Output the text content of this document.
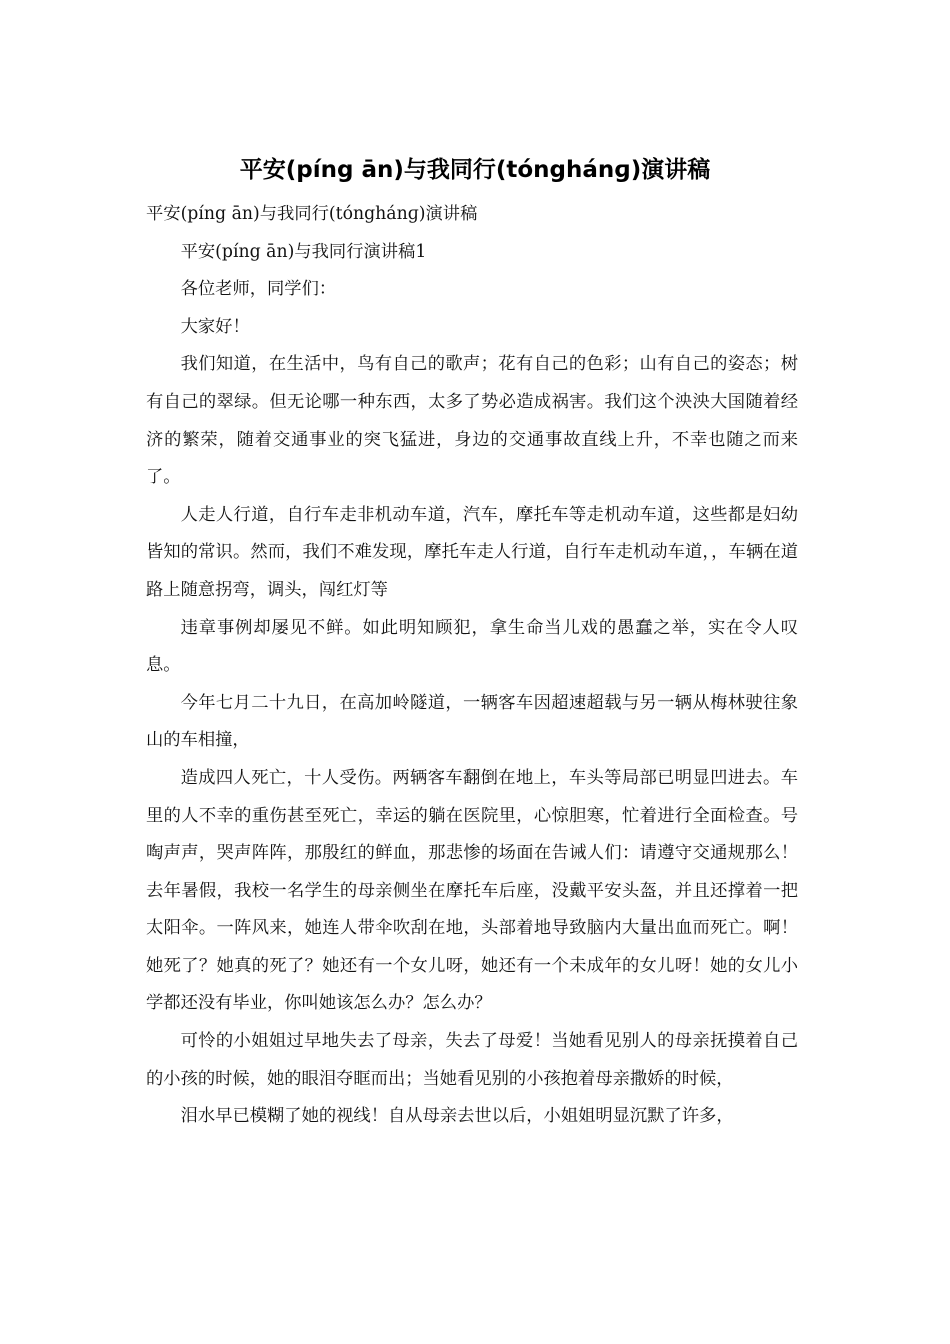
平安(píng ān)与我同行(tónghánɡ)演讲稿

平安(píng ān)与我同行(tónghánɡ)演讲稿

平安(píng ān)与我同行演讲稿1

各位老师，同学们：

大家好！

我们知道，在生活中，鸟有自己的歌声；花有自己的色彩；山有自己的姿态；树有自己的翠绿。但无论哪一种东西，太多了势必造成祸害。我们这个泱泱大国随着经济的繁荣，随着交通事业的突飞猛进，身边的交通事故直线上升，不幸也随之而来了。

人走人行道，自行车走非机动车道，汽车，摩托车等走机动车道，这些都是妇幼皆知的常识。然而，我们不难发现，摩托车走人行道，自行车走机动车道，，车辆在道路上随意拐弯，调头，闯红灯等

违章事例却屡见不鲜。如此明知顾犯，拿生命当儿戏的愚蠢之举，实在令人叹息。

今年七月二十九日，在高加岭隧道，一辆客车因超速超载与另一辆从梅林驶往象山的车相撞，

造成四人死亡，十人受伤。两辆客车翻倒在地上，车头等局部已明显凹进去。车里的人不幸的重伤甚至死亡，幸运的躺在医院里，心惊胆寒，忙着进行全面检查。号啕声声，哭声阵阵，那殷红的鲜血，那悲惨的场面在告诫人们：请遵守交通规那么！去年暑假，我校一名学生的母亲侧坐在摩托车后座，没戴平安头盔，并且还撑着一把太阳伞。一阵风来，她连人带伞吹刮在地，头部着地导致脑内大量出血而死亡。啊！她死了？她真的死了？她还有一个女儿呀，她还有一个未成年的女儿呀！她的女儿小学都还没有毕业，你叫她该怎么办？怎么办？

可怜的小姐姐过早地失去了母亲，失去了母爱！当她看见别人的母亲抚摸着自己的小孩的时候，她的眼泪夺眶而出；当她看见别的小孩抱着母亲撒娇的时候，

泪水早已模糊了她的视线！自从母亲去世以后，小姐姐明显沉默了许多，
